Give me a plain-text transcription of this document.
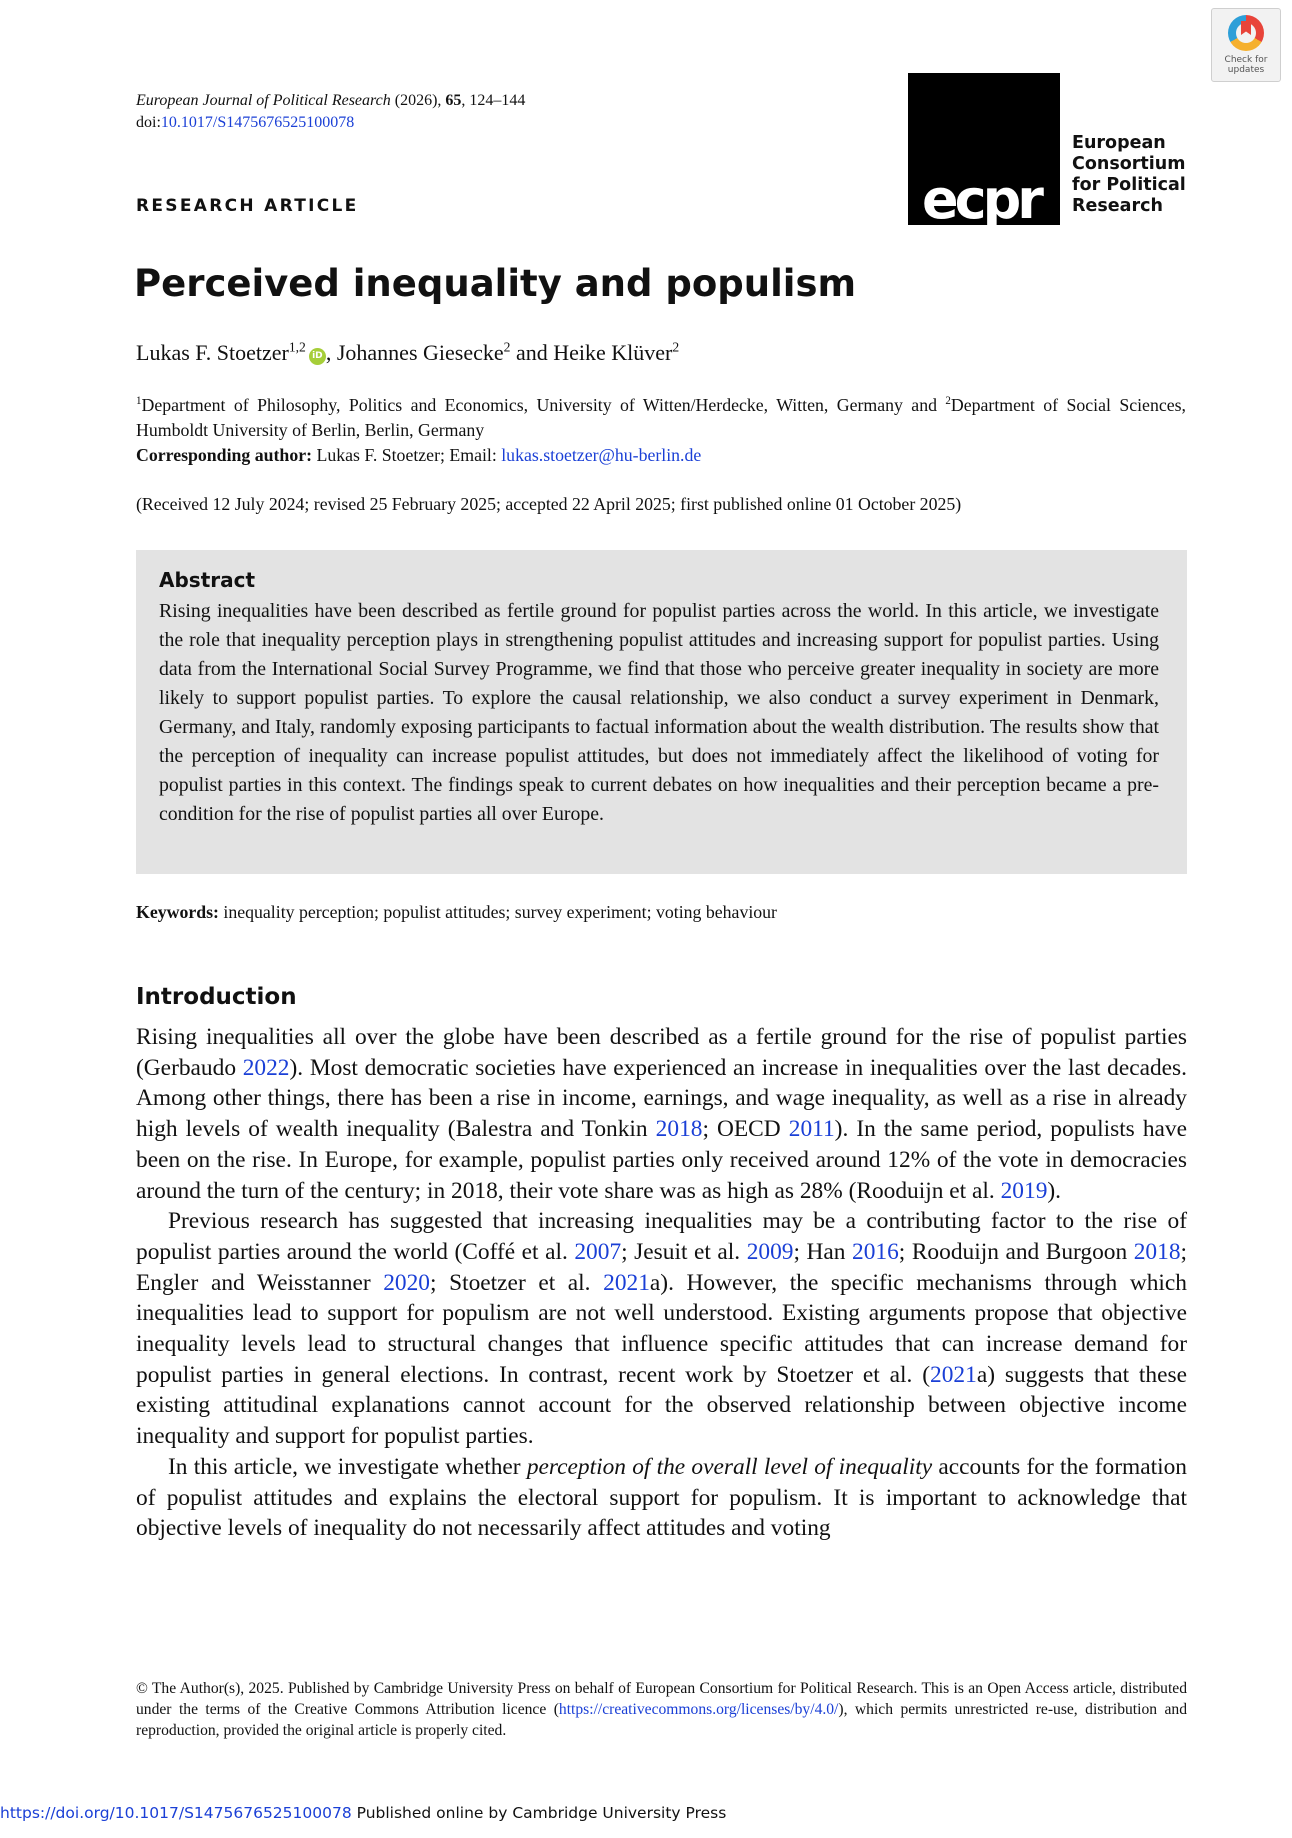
European Journal of Political Research (2026), 65, 124–144
doi:10.1017/S1475676525100078
RESEARCH ARTICLE	ecpr
European
Consortium
for Political
Research
Check for
updates
Perceived inequality and populism
Lukas F. Stoetzer$^{1,2}$iD , Johannes Giesecke$^2$ and Heike Klüver$^2$
$^1$Department of Philosophy, Politics and Economics, University of Witten/Herdecke, Witten, Germany and $^2$Department of Social Sciences, Humboldt University of Berlin, Berlin, Germany
Corresponding author: Lukas F. Stoetzer; Email: lukas.stoetzer@hu-berlin.de
(Received 12 July 2024; revised 25 February 2025; accepted 22 April 2025; first published online 01 October 2025)
Abstract
Rising inequalities have been described as fertile ground for populist parties across the world. In this article, we investigate the role that inequality perception plays in strengthening populist attitudes and increasing support for populist parties. Using data from the International Social Survey Programme, we find that those who perceive greater inequality in society are more likely to support populist parties. To explore the causal relationship, we also conduct a survey experiment in Denmark, Germany, and Italy, randomly exposing participants to factual information about the wealth distribution. The results show that the perception of inequality can increase populist attitudes, but does not immediately affect the likelihood of voting for populist parties in this context. The findings speak to current debates on how inequalities and their perception became a pre-condition for the rise of populist parties all over Europe.
Keywords: inequality perception; populist attitudes; survey experiment; voting behaviour
Introduction

Rising inequalities all over the globe have been described as a fertile ground for the rise of populist parties (Gerbaudo 2022). Most democratic societies have experienced an increase in inequalities over the last decades. Among other things, there has been a rise in income, earnings, and wage inequality, as well as a rise in already high levels of wealth inequality (Balestra and Tonkin 2018; OECD 2011). In the same period, populists have been on the rise. In Europe, for example, populist parties only received around 12% of the vote in democracies around the turn of the century; in 2018, their vote share was as high as 28% (Rooduijn et al. 2019).

Previous research has suggested that increasing inequalities may be a contributing factor to the rise of populist parties around the world (Coffé et al. 2007; Jesuit et al. 2009; Han 2016; Rooduijn and Burgoon 2018; Engler and Weisstanner 2020; Stoetzer et al. 2021a). However, the specific mechanisms through which inequalities lead to support for populism are not well understood. Existing arguments propose that objective inequality levels lead to structural changes that influence specific attitudes that can increase demand for populist parties in general elections. In contrast, recent work by Stoetzer et al. (2021a) suggests that these existing attitudinal explanations cannot account for the observed relationship between objective income inequality and support for populist parties.

In this article, we investigate whether perception of the overall level of inequality accounts for the formation of populist attitudes and explains the electoral support for populism. It is important to acknowledge that objective levels of inequality do not necessarily affect attitudes and voting

© The Author(s), 2025. Published by Cambridge University Press on behalf of European Consortium for Political Research. This is an Open Access article, distributed under the terms of the Creative Commons Attribution licence (https://creativecommons.org/licenses/by/4.0/), which permits unrestricted re-use, distribution and reproduction, provided the original article is properly cited.
https://doi.org/10.1017/S1475676525100078 Published online by Cambridge University Press
